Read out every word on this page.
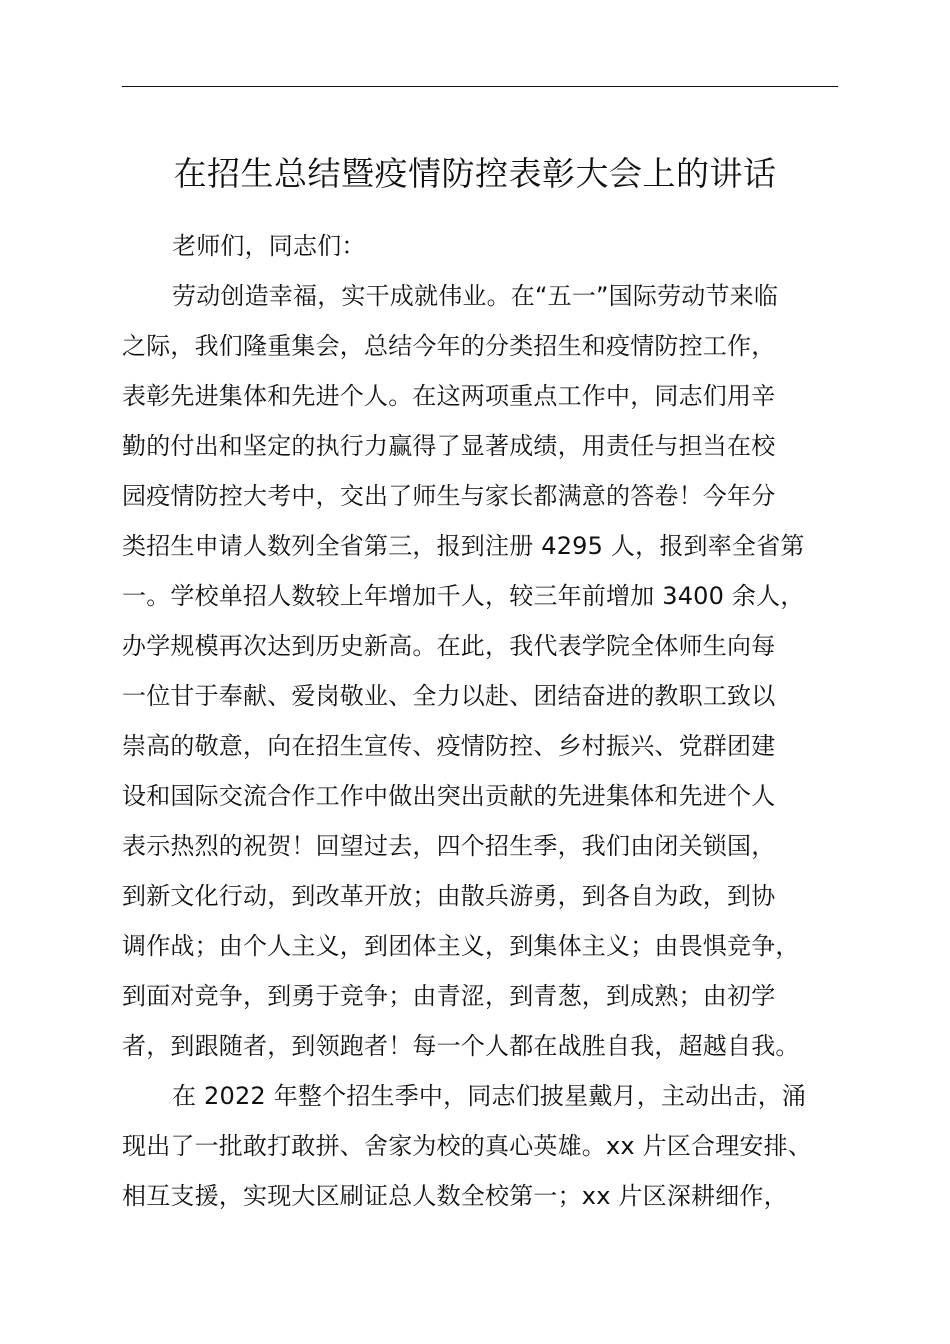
在招生总结暨疫情防控表彰大会上的讲话
老师们，同志们：
劳动创造幸福，实干成就伟业。在“五一”国际劳动节来临
之际，我们隆重集会，总结今年的分类招生和疫情防控工作，
表彰先进集体和先进个人。在这两项重点工作中，同志们用辛
勤的付出和坚定的执行力赢得了显著成绩，用责任与担当在校
园疫情防控大考中，交出了师生与家长都满意的答卷！今年分
类招生申请人数列全省第三，报到注册 4295 人，报到率全省第
一。学校单招人数较上年增加千人，较三年前增加 3400 余人，
办学规模再次达到历史新高。在此，我代表学院全体师生向每
一位甘于奉献、爱岗敬业、全力以赴、团结奋进的教职工致以
崇高的敬意，向在招生宣传、疫情防控、乡村振兴、党群团建
设和国际交流合作工作中做出突出贡献的先进集体和先进个人
表示热烈的祝贺！回望过去，四个招生季，我们由闭关锁国，
到新文化行动，到改革开放；由散兵游勇，到各自为政，到协
调作战；由个人主义，到团体主义，到集体主义；由畏惧竞争，
到面对竞争，到勇于竞争；由青涩，到青葱，到成熟；由初学
者，到跟随者，到领跑者！每一个人都在战胜自我，超越自我。
在 2022 年整个招生季中，同志们披星戴月，主动出击，涌
现出了一批敢打敢拼、舍家为校的真心英雄。xx 片区合理安排、
相互支援，实现大区刷证总人数全校第一；xx 片区深耕细作，
